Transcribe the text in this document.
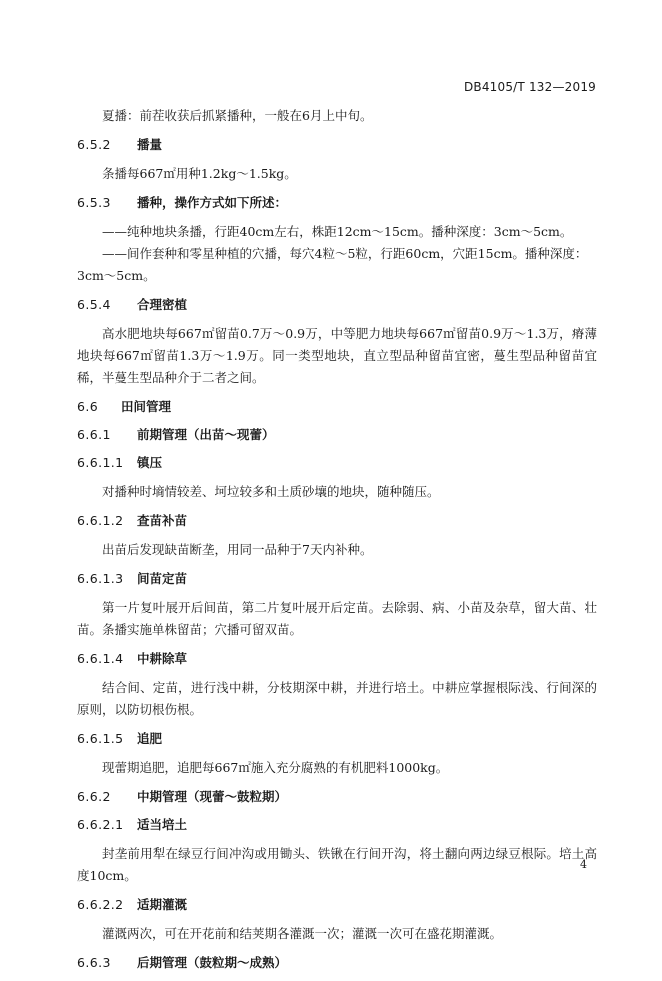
DB4105/T 132—2019

夏播：前茬收获后抓紧播种，一般在6月上中旬。

6.5.2 播量

条播每667㎡用种1.2kg～1.5kg。

6.5.3 播种，操作方式如下所述：

——纯种地块条播，行距40cm左右，株距12cm～15cm。播种深度：3cm～5cm。

——间作套种和零星种植的穴播，每穴4粒～5粒，行距60cm，穴距15cm。播种深度：3cm～5cm。

6.5.4 合理密植

高水肥地块每667㎡留苗0.7万～0.9万，中等肥力地块每667㎡留苗0.9万～1.3万，瘠薄地块每667㎡留苗1.3万～1.9万。同一类型地块，直立型品种留苗宜密，蔓生型品种留苗宜稀，半蔓生型品种介于二者之间。

6.6 田间管理
6.6.1 前期管理（出苗～现蕾）
6.6.1.1 镇压

对播种时墒情较差、坷垃较多和土质砂壤的地块，随种随压。

6.6.1.2 查苗补苗

出苗后发现缺苗断垄，用同一品种于7天内补种。

6.6.1.3 间苗定苗

第一片复叶展开后间苗，第二片复叶展开后定苗。去除弱、病、小苗及杂草，留大苗、壮苗。条播实施单株留苗；穴播可留双苗。

6.6.1.4 中耕除草

结合间、定苗，进行浅中耕，分枝期深中耕，并进行培土。中耕应掌握根际浅、行间深的原则，以防切根伤根。

6.6.1.5 追肥

现蕾期追肥，追肥每667㎡施入充分腐熟的有机肥料1000kg。

6.6.2 中期管理（现蕾～鼓粒期）
6.6.2.1 适当培土

封垄前用犁在绿豆行间冲沟或用锄头、铁锹在行间开沟，将土翻向两边绿豆根际。培土高度10cm。

6.6.2.2 适期灌溉

灌溉两次，可在开花前和结荚期各灌溉一次；灌溉一次可在盛花期灌溉。

6.6.3 后期管理（鼓粒期～成熟）
4
